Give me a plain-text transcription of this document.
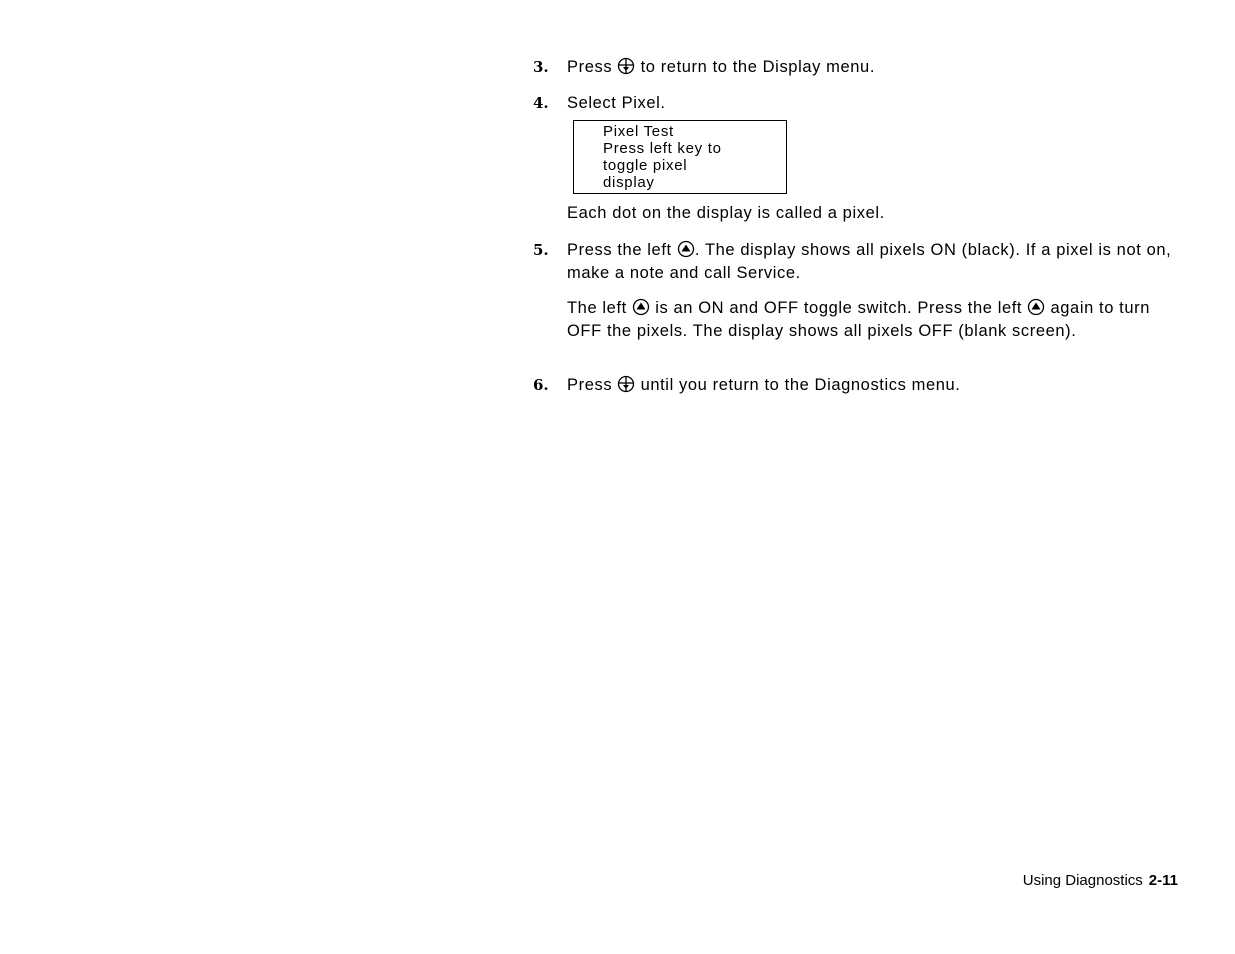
3. Press to return to the Display menu.
4. Select Pixel.
Pixel Test
Press left key to
toggle pixel
display
Each dot on the display is called a pixel.
5. Press the left . The display shows all pixels ON (black). If a pixel is not on, make a note and call Service.
The left is an ON and OFF toggle switch. Press the left again to turn OFF the pixels. The display shows all pixels OFF (blank screen).
6. Press until you return to the Diagnostics menu.
Using Diagnostics 2-11
